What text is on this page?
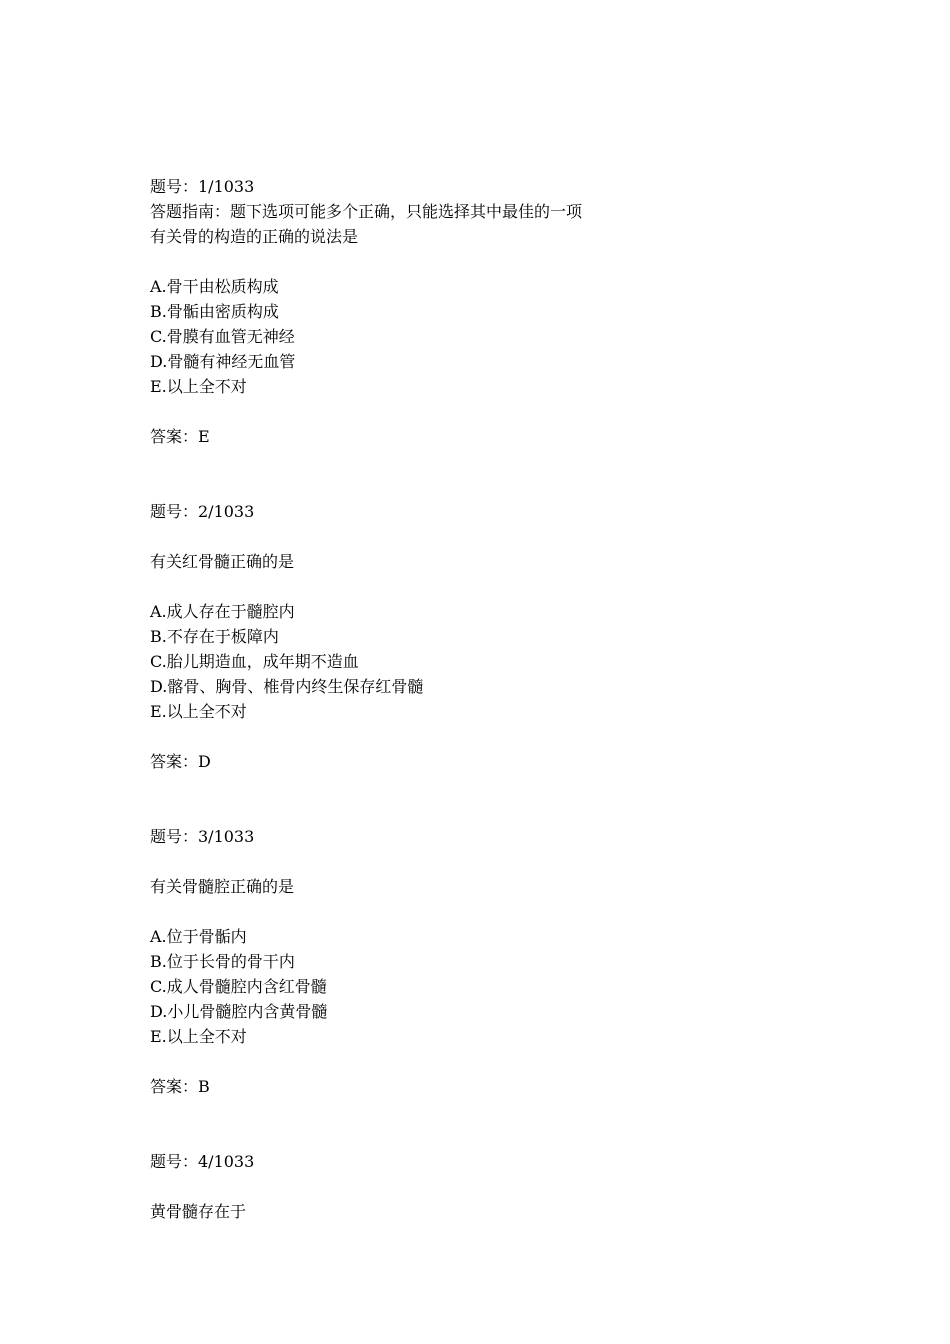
题号：1/1033
答题指南：题下选项可能多个正确，只能选择其中最佳的一项
有关骨的构造的正确的说法是
A.骨干由松质构成
B.骨骺由密质构成
C.骨膜有血管无神经
D.骨髓有神经无血管
E.以上全不对
答案：E
题号：2/1033
有关红骨髓正确的是
A.成人存在于髓腔内
B.不存在于板障内
C.胎儿期造血，成年期不造血
D.髂骨、胸骨、椎骨内终生保存红骨髓
E.以上全不对
答案：D
题号：3/1033
有关骨髓腔正确的是
A.位于骨骺内
B.位于长骨的骨干内
C.成人骨髓腔内含红骨髓
D.小儿骨髓腔内含黄骨髓
E.以上全不对
答案：B
题号：4/1033
黄骨髓存在于
